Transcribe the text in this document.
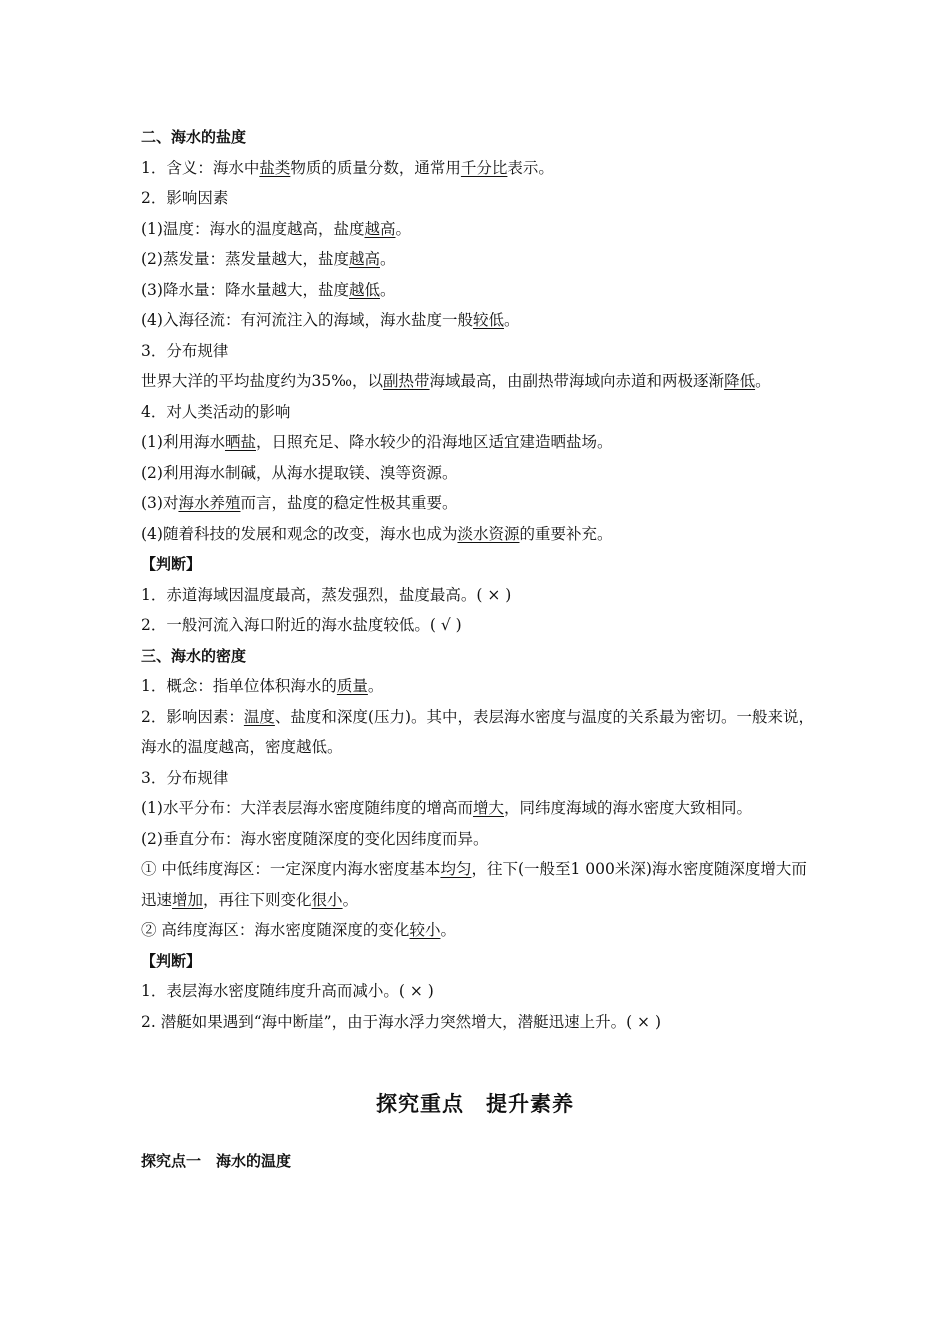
二、海水的盐度
1．含义：海水中盐类物质的质量分数，通常用千分比表示。
2．影响因素
(1)温度：海水的温度越高，盐度越高。
(2)蒸发量：蒸发量越大，盐度越高。
(3)降水量：降水量越大，盐度越低。
(4)入海径流：有河流注入的海域，海水盐度一般较低。
3．分布规律
世界大洋的平均盐度约为35‰，以副热带海域最高，由副热带海域向赤道和两极逐渐降低。
4．对人类活动的影响
(1)利用海水晒盐，日照充足、降水较少的沿海地区适宜建造晒盐场。
(2)利用海水制碱，从海水提取镁、溴等资源。
(3)对海水养殖而言，盐度的稳定性极其重要。
(4)随着科技的发展和观念的改变，海水也成为淡水资源的重要补充。
【判断】
1．赤道海域因温度最高，蒸发强烈，盐度最高。( × )
2．一般河流入海口附近的海水盐度较低。( √ )
三、海水的密度
1．概念：指单位体积海水的质量。
2．影响因素：温度、盐度和深度(压力)。其中，表层海水密度与温度的关系最为密切。一般来说，海水的温度越高，密度越低。
3．分布规律
(1)水平分布：大洋表层海水密度随纬度的增高而增大，同纬度海域的海水密度大致相同。
(2)垂直分布：海水密度随深度的变化因纬度而异。
① 中低纬度海区：一定深度内海水密度基本均匀，往下(一般至1 000米深)海水密度随深度增大而迅速增加，再往下则变化很小。
② 高纬度海区：海水密度随深度的变化较小。
【判断】
1．表层海水密度随纬度升高而减小。( × )
2. 潜艇如果遇到“海中断崖”，由于海水浮力突然增大，潜艇迅速上升。( × )
探究重点　提升素养
探究点一　海水的温度
